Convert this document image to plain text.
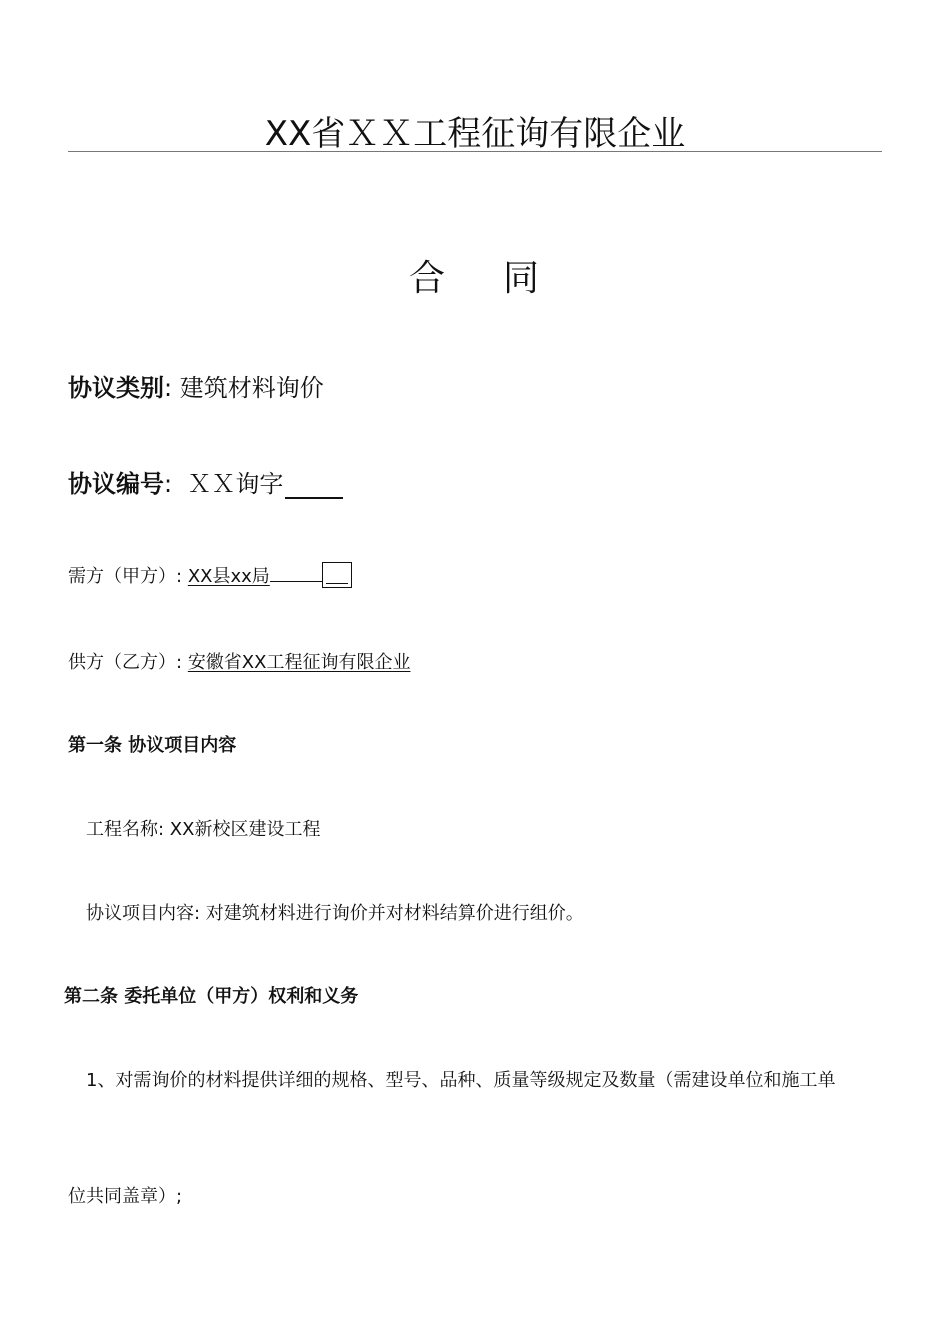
XX省ＸＸ工程征询有限企业
合 同
协议类别: 建筑材料询价
协议编号: ＸＸ询字
需方（甲方）: XX县xx局
供方（乙方）: 安徽省XX工程征询有限企业
第一条 协议项目内容
工程名称: XX新校区建设工程
协议项目内容: 对建筑材料进行询价并对材料结算价进行组价。
第二条 委托单位（甲方）权利和义务
1、对需询价的材料提供详细的规格、型号、品种、质量等级规定及数量（需建设单位和施工单
位共同盖章）;
